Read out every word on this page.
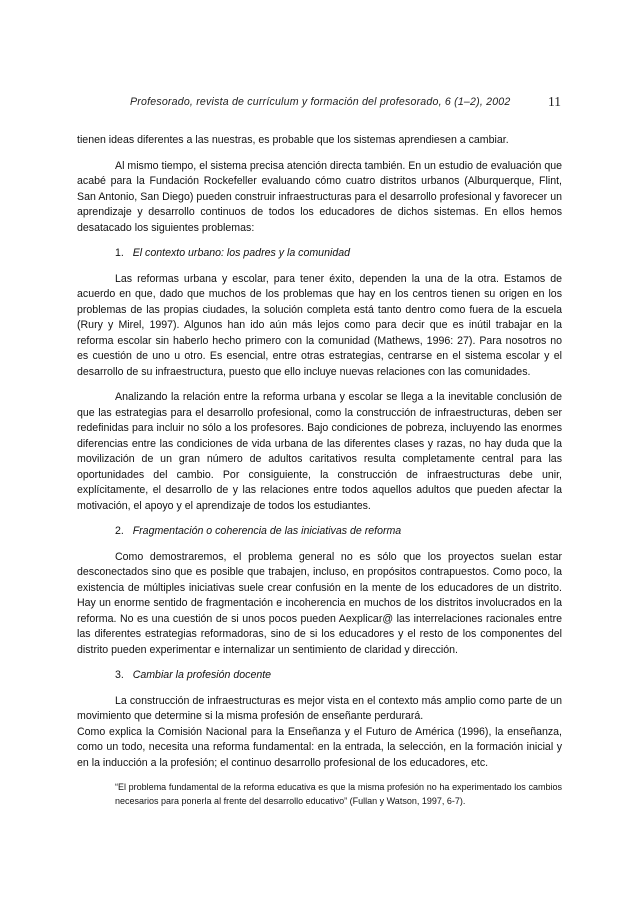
Profesorado, revista de currículum y formación del profesorado, 6 (1–2), 2002	11

tienen ideas diferentes a las nuestras, es probable que los sistemas aprendiesen a cambiar.

Al mismo tiempo, el sistema precisa atención directa también. En un estudio de evaluación que acabé para la Fundación Rockefeller evaluando cómo cuatro distritos urbanos (Alburquerque, Flint, San Antonio, San Diego) pueden construir infraestructuras para el desarrollo profesional y favorecer un aprendizaje y desarrollo continuos de todos los educadores de dichos sistemas. En ellos hemos desatacado los siguientes problemas:

1. El contexto urbano: los padres y la comunidad

Las reformas urbana y escolar, para tener éxito, dependen la una de la otra. Estamos de acuerdo en que, dado que muchos de los problemas que hay en los centros tienen su origen en los problemas de las propias ciudades, la solución completa está tanto dentro como fuera de la escuela (Rury y Mirel, 1997). Algunos han ido aún más lejos como para decir que es inútil trabajar en la reforma escolar sin haberlo hecho primero con la comunidad (Mathews, 1996: 27). Para nosotros no es cuestión de uno u otro. Es esencial, entre otras estrategias, centrarse en el sistema escolar y el desarrollo de su infraestructura, puesto que ello incluye nuevas relaciones con las comunidades.

Analizando la relación entre la reforma urbana y escolar se llega a la inevitable conclusión de que las estrategias para el desarrollo profesional, como la construcción de infraestructuras, deben ser redefinidas para incluir no sólo a los profesores. Bajo condiciones de pobreza, incluyendo las enormes diferencias entre las condiciones de vida urbana de las diferentes clases y razas, no hay duda que la movilización de un gran número de adultos caritativos resulta completamente central para las oportunidades del cambio. Por consiguiente, la construcción de infraestructuras debe unir, explícitamente, el desarrollo de y las relaciones entre todos aquellos adultos que pueden afectar la motivación, el apoyo y el aprendizaje de todos los estudiantes.

2. Fragmentación o coherencia de las iniciativas de reforma

Como demostraremos, el problema general no es sólo que los proyectos suelan estar desconectados sino que es posible que trabajen, incluso, en propósitos contrapuestos. Como poco, la existencia de múltiples iniciativas suele crear confusión en la mente de los educadores de un distrito. Hay un enorme sentido de fragmentación e incoherencia en muchos de los distritos involucrados en la reforma. No es una cuestión de si unos pocos pueden Aexplicar@ las interrelaciones racionales entre las diferentes estrategias reformadoras, sino de si los educadores y el resto de los componentes del distrito pueden experimentar e internalizar un sentimiento de claridad y dirección.

3. Cambiar la profesión docente

La construcción de infraestructuras es mejor vista en el contexto más amplio como parte de un movimiento que determine si la misma profesión de enseñante perdurará.

Como explica la Comisión Nacional para la Enseñanza y el Futuro de América (1996), la enseñanza, como un todo, necesita una reforma fundamental: en la entrada, la selección, en la formación inicial y en la inducción a la profesión; el continuo desarrollo profesional de los educadores, etc.

“El problema fundamental de la reforma educativa es que la misma profesión no ha experimentado los cambios necesarios para ponerla al frente del desarrollo educativo” (Fullan y Watson, 1997, 6-7).
